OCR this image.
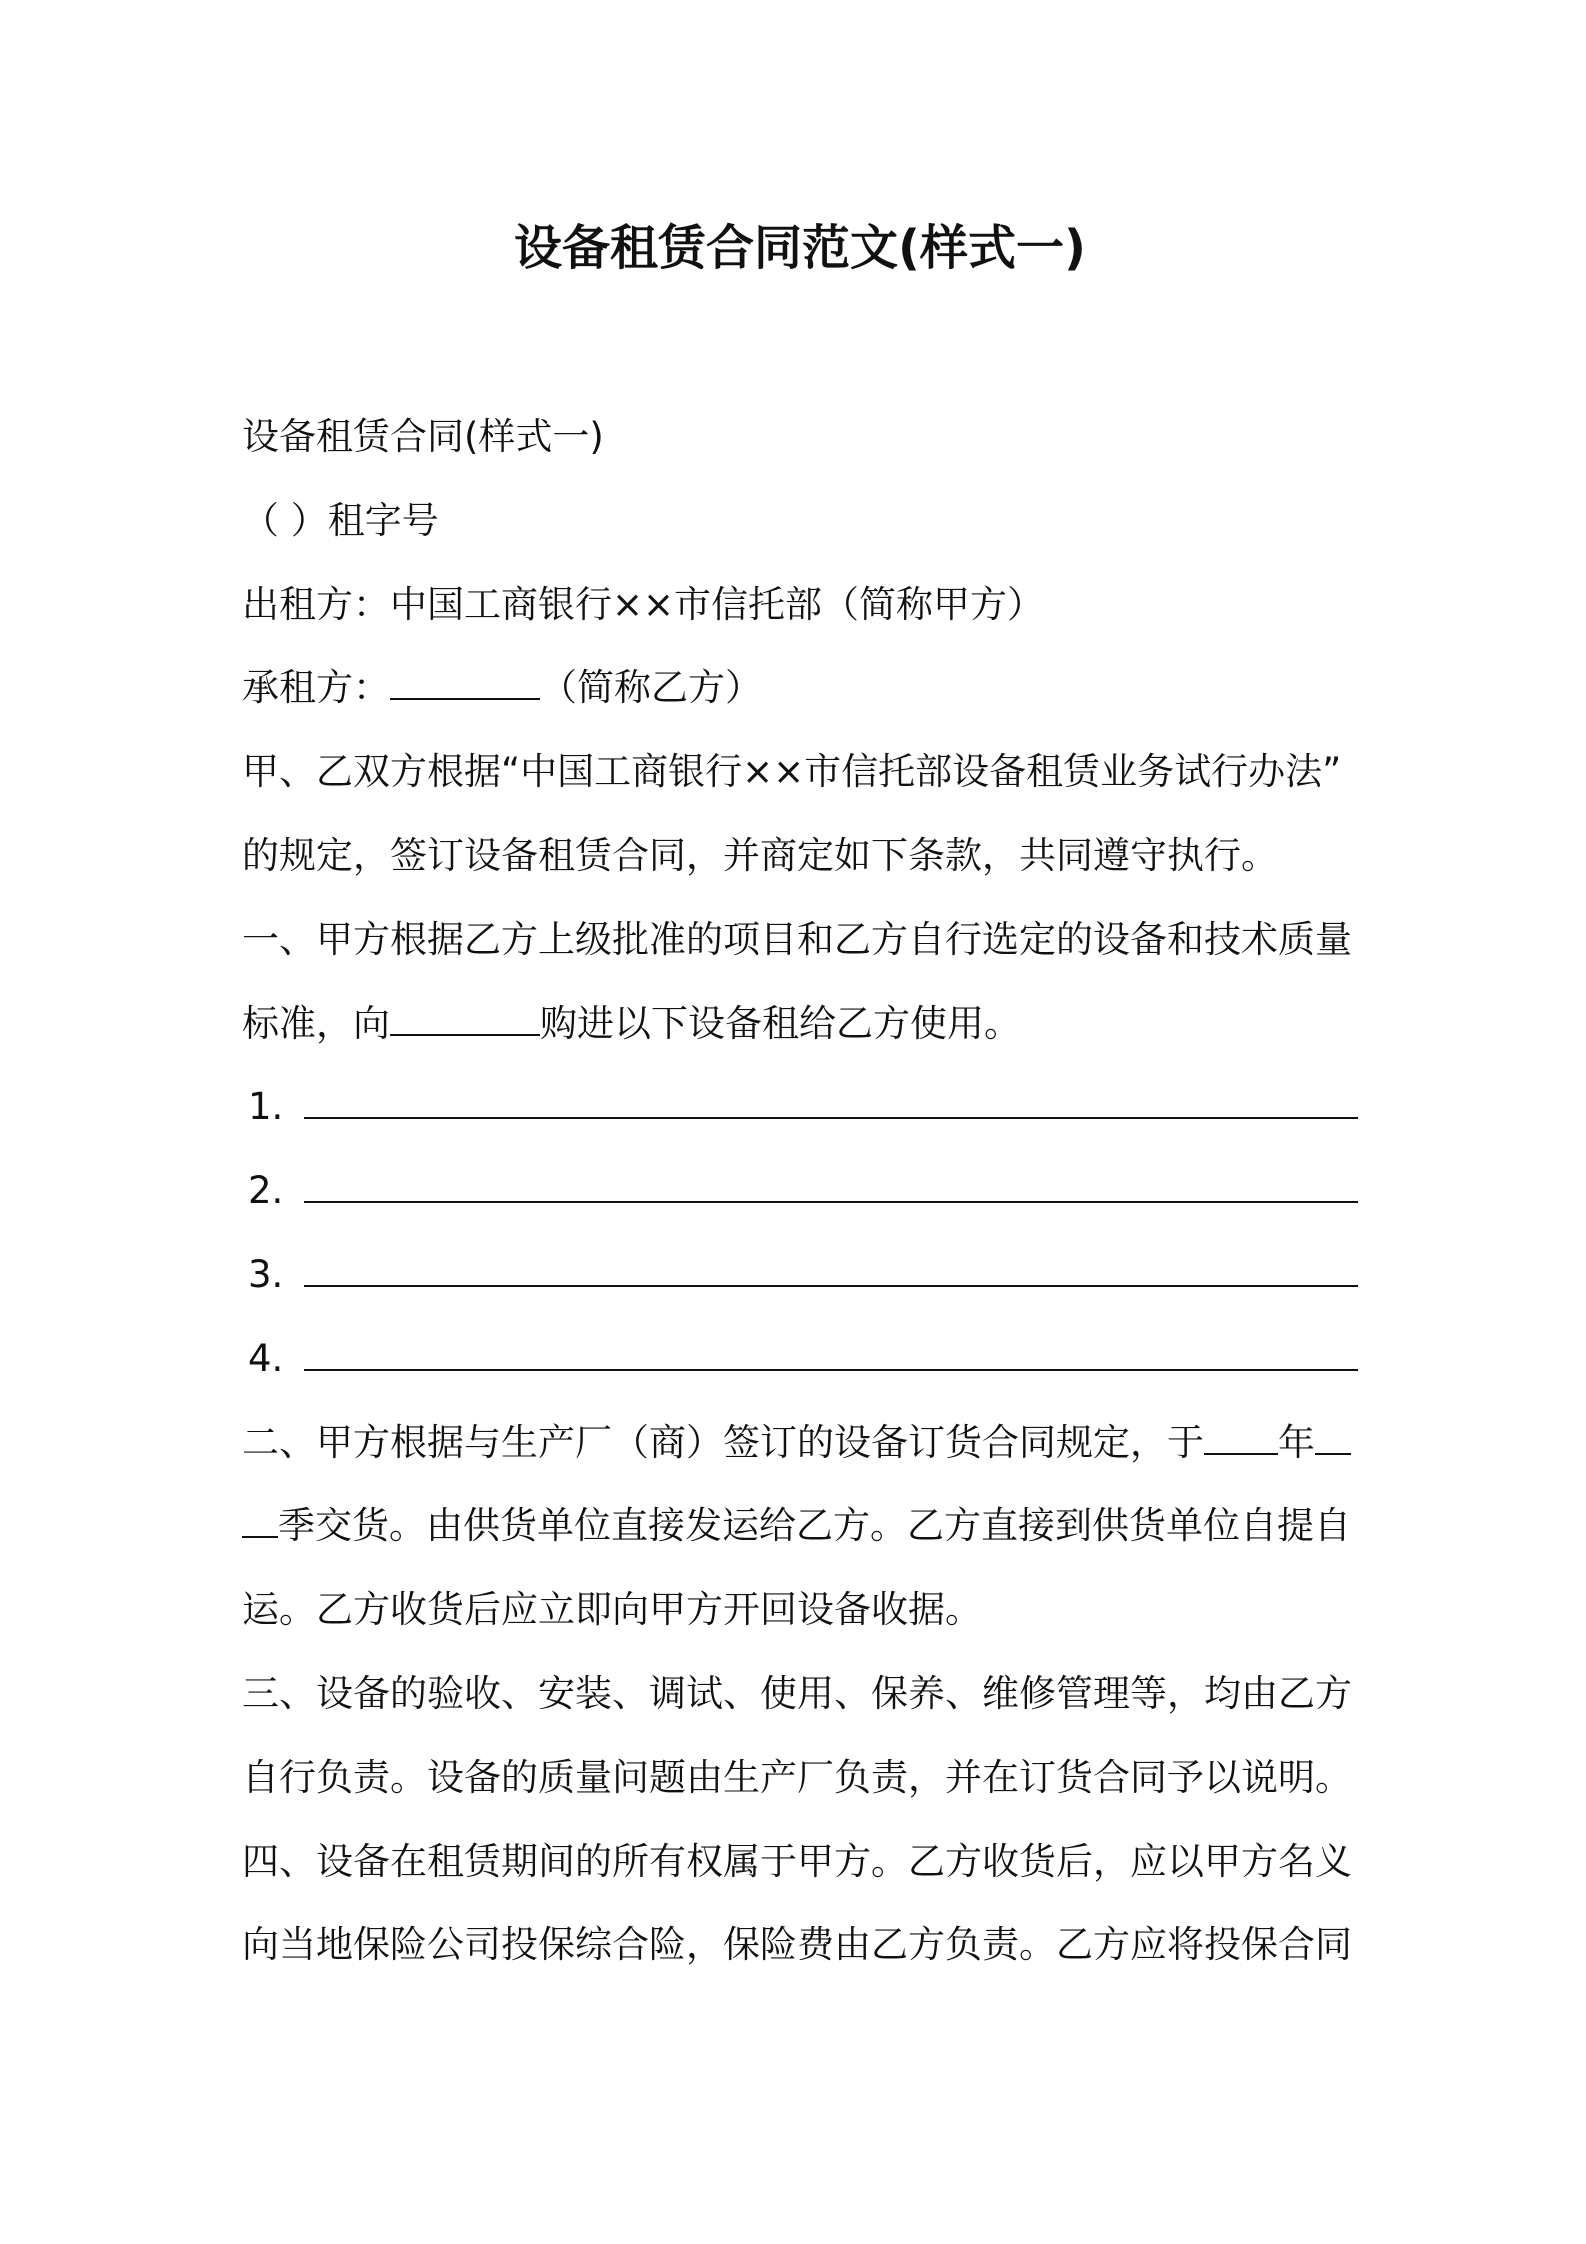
设备租赁合同范文(样式一)
设备租赁合同(样式一)
（ ）租字号
出租方：中国工商银行××市信托部（简称甲方）
承租方：	（简称乙方）
甲、乙双方根据“中国工商银行××市信托部设备租赁业务试行办法”
的规定，签订设备租赁合同，并商定如下条款，共同遵守执行。
一、甲方根据乙方上级批准的项目和乙方自行选定的设备和技术质量
标准，向	购进以下设备租给乙方使用。
1.
2.
3.
4.
二、甲方根据与生产厂（商）签订的设备订货合同规定，于 年
季交货。由供货单位直接发运给乙方。乙方直接到供货单位自提自
运。乙方收货后应立即向甲方开回设备收据。
三、设备的验收、安装、调试、使用、保养、维修管理等，均由乙方
自行负责。设备的质量问题由生产厂负责，并在订货合同予以说明。
四、设备在租赁期间的所有权属于甲方。乙方收货后，应以甲方名义
向当地保险公司投保综合险，保险费由乙方负责。乙方应将投保合同
